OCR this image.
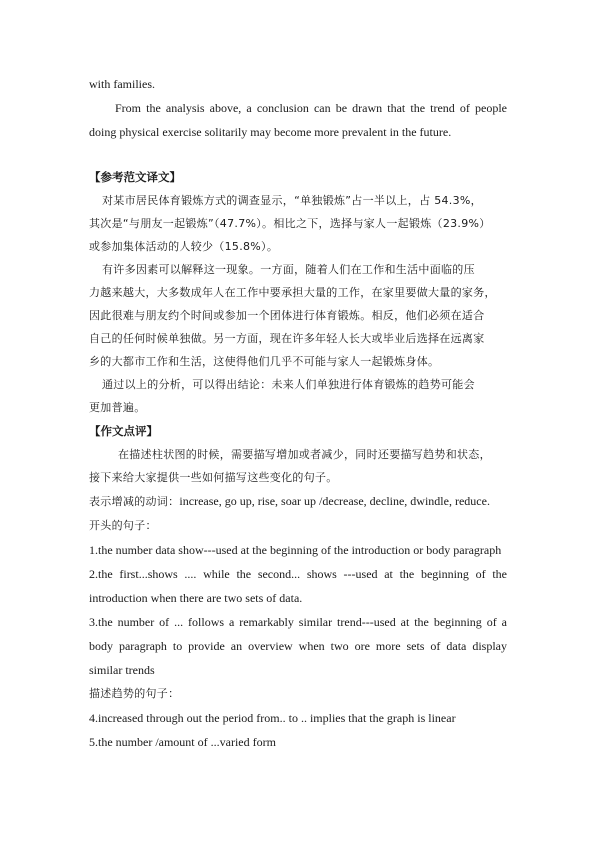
with families.

From the analysis above, a conclusion can be drawn that the trend of people

doing physical exercise solitarily may become more prevalent in the future.

【参考范文译文】

对某市居民体育锻炼方式的调查显示，“单独锻炼”占一半以上，占 54.3%，

其次是“与朋友一起锻炼”（47.7%）。相比之下，选择与家人一起锻炼（23.9%）

或参加集体活动的人较少（15.8%）。

有许多因素可以解释这一现象。一方面，随着人们在工作和生活中面临的压

力越来越大，大多数成年人在工作中要承担大量的工作，在家里要做大量的家务，

因此很难与朋友约个时间或参加一个团体进行体育锻炼。相反，他们必须在适合

自己的任何时候单独做。另一方面，现在许多年轻人长大或毕业后选择在远离家

乡的大都市工作和生活，这使得他们几乎不可能与家人一起锻炼身体。

通过以上的分析，可以得出结论：未来人们单独进行体育锻炼的趋势可能会

更加普遍。

【作文点评】

在描述柱状图的时候，需要描写增加或者减少，同时还要描写趋势和状态，

接下来给大家提供一些如何描写这些变化的句子。

表示增减的动词：increase, go up, rise, soar up /decrease, decline, dwindle, reduce.

开头的句子：

1.the number data show---used at the beginning of the introduction or body paragraph

2.the first...shows .... while the second... shows ---used at the beginning of the

introduction when there are two sets of data.

3.the number of ... follows a remarkably similar trend---used at the beginning of a

body paragraph to provide an overview when two ore more sets of data display

similar trends

描述趋势的句子：

4.increased through out the period from.. to .. implies that the graph is linear

5.the number /amount of ...varied form
